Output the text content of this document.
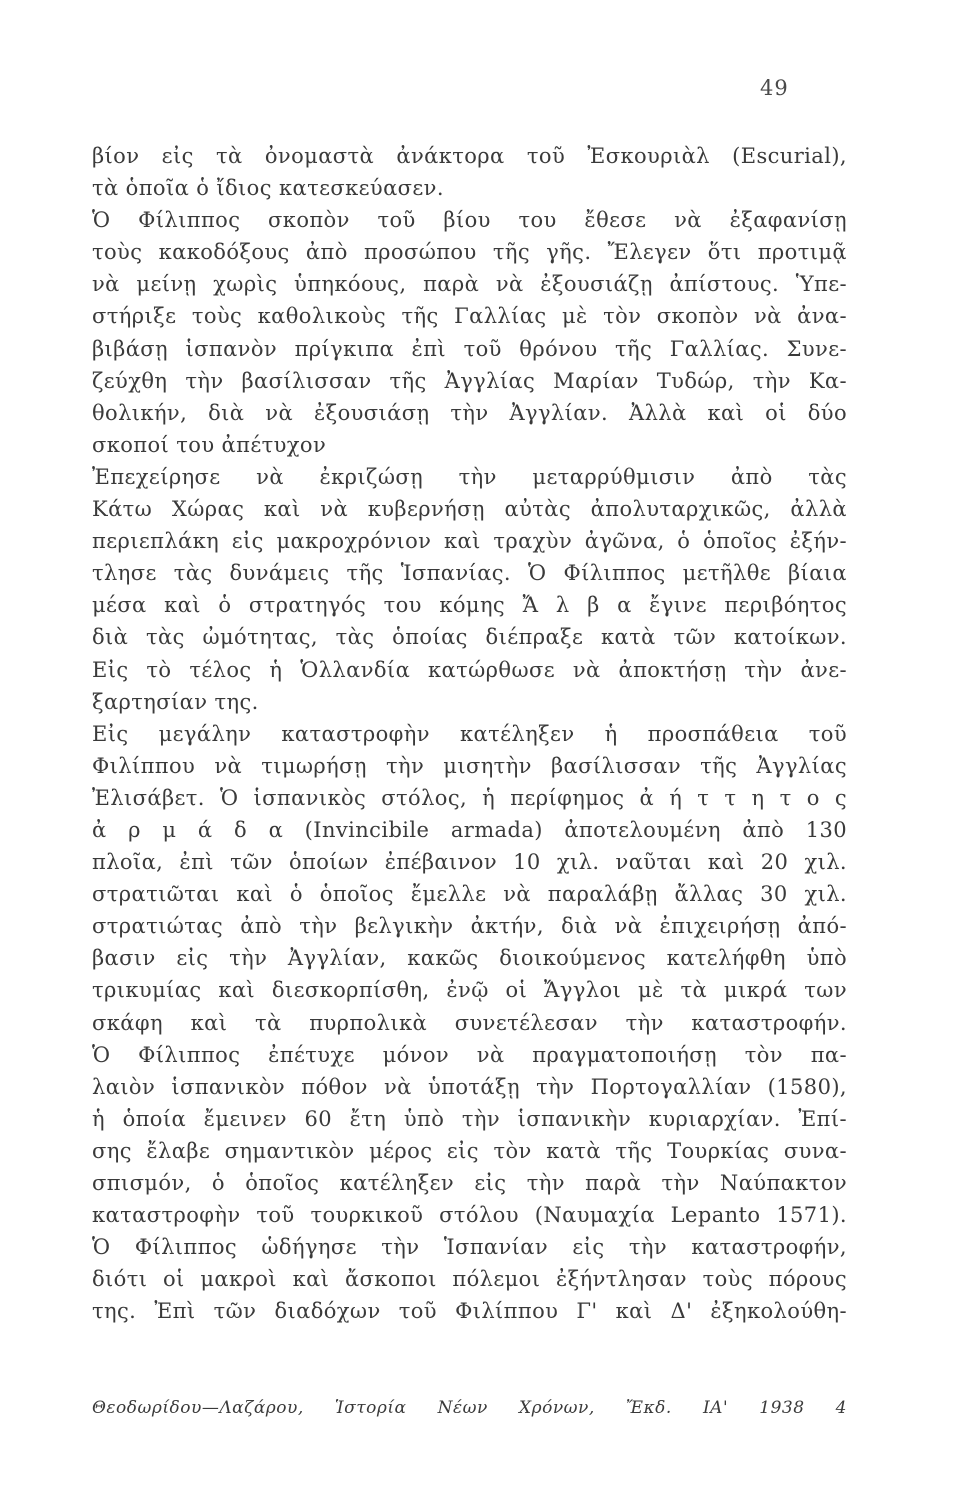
49
βίον εἰς τὰ ὀνομαστὰ ἀνάκτορα τοῦ Ἐσκουριὰλ (Escurial),
τὰ ὁποῖα ὁ ἴδιος κατεσκεύασεν.
Ὁ Φίλιππος σκοπὸν τοῦ βίου του ἔθεσε νὰ ἐξαφανίσῃ
τοὺς κακοδόξους ἀπὸ προσώπου τῆς γῆς. Ἔλεγεν ὅτι προτιμᾷ
νὰ μείνῃ χωρὶς ὑπηκόους, παρὰ νὰ ἐξουσιάζῃ ἀπίστους. Ὑπε-
στήριξε τοὺς καθολικοὺς τῆς Γαλλίας μὲ τὸν σκοπὸν νὰ ἀνα-
βιβάσῃ ἱσπανὸν πρίγκιπα ἐπὶ τοῦ θρόνου τῆς Γαλλίας. Συνε-
ζεύχθη τὴν βασίλισσαν τῆς Ἀγγλίας Μαρίαν Τυδώρ, τὴν Κα-
θολικήν, διὰ νὰ ἐξουσιάσῃ τὴν Ἀγγλίαν. Ἀλλὰ καὶ οἱ δύο
σκοποί του ἀπέτυχον
Ἐπεχείρησε νὰ ἐκριζώσῃ τὴν μεταρρύθμισιν ἀπὸ τὰς
Κάτω Χώρας καὶ νὰ κυβερνήσῃ αὐτὰς ἀπολυταρχικῶς, ἀλλὰ
περιεπλάκη εἰς μακροχρόνιον καὶ τραχὺν ἀγῶνα, ὁ ὁποῖος ἐξήν-
τλησε τὰς δυνάμεις τῆς Ἱσπανίας. Ὁ Φίλιππος μετῆλθε βίαια
μέσα καὶ ὁ στρατηγός του κόμης Ἄ λ β α ἔγινε περιβόητος
διὰ τὰς ὠμότητας, τὰς ὁποίας διέπραξε κατὰ τῶν κατοίκων.
Εἰς τὸ τέλος ἡ Ὁλλανδία κατώρθωσε νὰ ἀποκτήσῃ τὴν ἀνε-
ξαρτησίαν της.
Εἰς μεγάλην καταστροφὴν κατέληξεν ἡ προσπάθεια τοῦ
Φιλίππου νὰ τιμωρήσῃ τὴν μισητὴν βασίλισσαν τῆς Ἀγγλίας
Ἐλισάβετ. Ὁ ἱσπανικὸς στόλος, ἡ περίφημος ἀ ή τ τ η τ ο ς
ἀ ρ μ ά δ α (Invincibile armada) ἀποτελουμένη ἀπὸ 130
πλοῖα, ἐπὶ τῶν ὁποίων ἐπέβαινον 10 χιλ. ναῦται καὶ 20 χιλ.
στρατιῶται καὶ ὁ ὁποῖος ἔμελλε νὰ παραλάβῃ ἄλλας 30 χιλ.
στρατιώτας ἀπὸ τὴν βελγικὴν ἀκτήν, διὰ νὰ ἐπιχειρήσῃ ἀπό-
βασιν εἰς τὴν Ἀγγλίαν, κακῶς διοικούμενος κατελήφθη ὑπὸ
τρικυμίας καὶ διεσκορπίσθη, ἐνῷ οἱ Ἄγγλοι μὲ τὰ μικρά των
σκάφη καὶ τὰ πυρπολικὰ συνετέλεσαν τὴν καταστροφήν.
Ὁ Φίλιππος ἐπέτυχε μόνον νὰ πραγματοποιήσῃ τὸν πα-
λαιὸν ἱσπανικὸν πόθον νὰ ὑποτάξῃ τὴν Πορτογαλλίαν (1580),
ἡ ὁποία ἔμεινεν 60 ἔτη ὑπὸ τὴν ἱσπανικὴν κυριαρχίαν. Ἐπί-
σης ἔλαβε σημαντικὸν μέρος εἰς τὸν κατὰ τῆς Τουρκίας συνα-
σπισμόν, ὁ ὁποῖος κατέληξεν εἰς τὴν παρὰ τὴν Ναύπακτον
καταστροφὴν τοῦ τουρκικοῦ στόλου (Ναυμαχία Lepanto 1571).
Ὁ Φίλιππος ὡδήγησε τὴν Ἱσπανίαν εἰς τὴν καταστροφήν,
διότι οἱ μακροὶ καὶ ἄσκοποι πόλεμοι ἐξήντλησαν τοὺς πόρους
της. Ἐπὶ τῶν διαδόχων τοῦ Φιλίππου Γ' καὶ Δ' ἐξηκολούθη-
Θεοδωρίδου—Λαζάρου, Ἱστορία Νέων Χρόνων, Ἔκδ. ΙΑ' 1938 4
